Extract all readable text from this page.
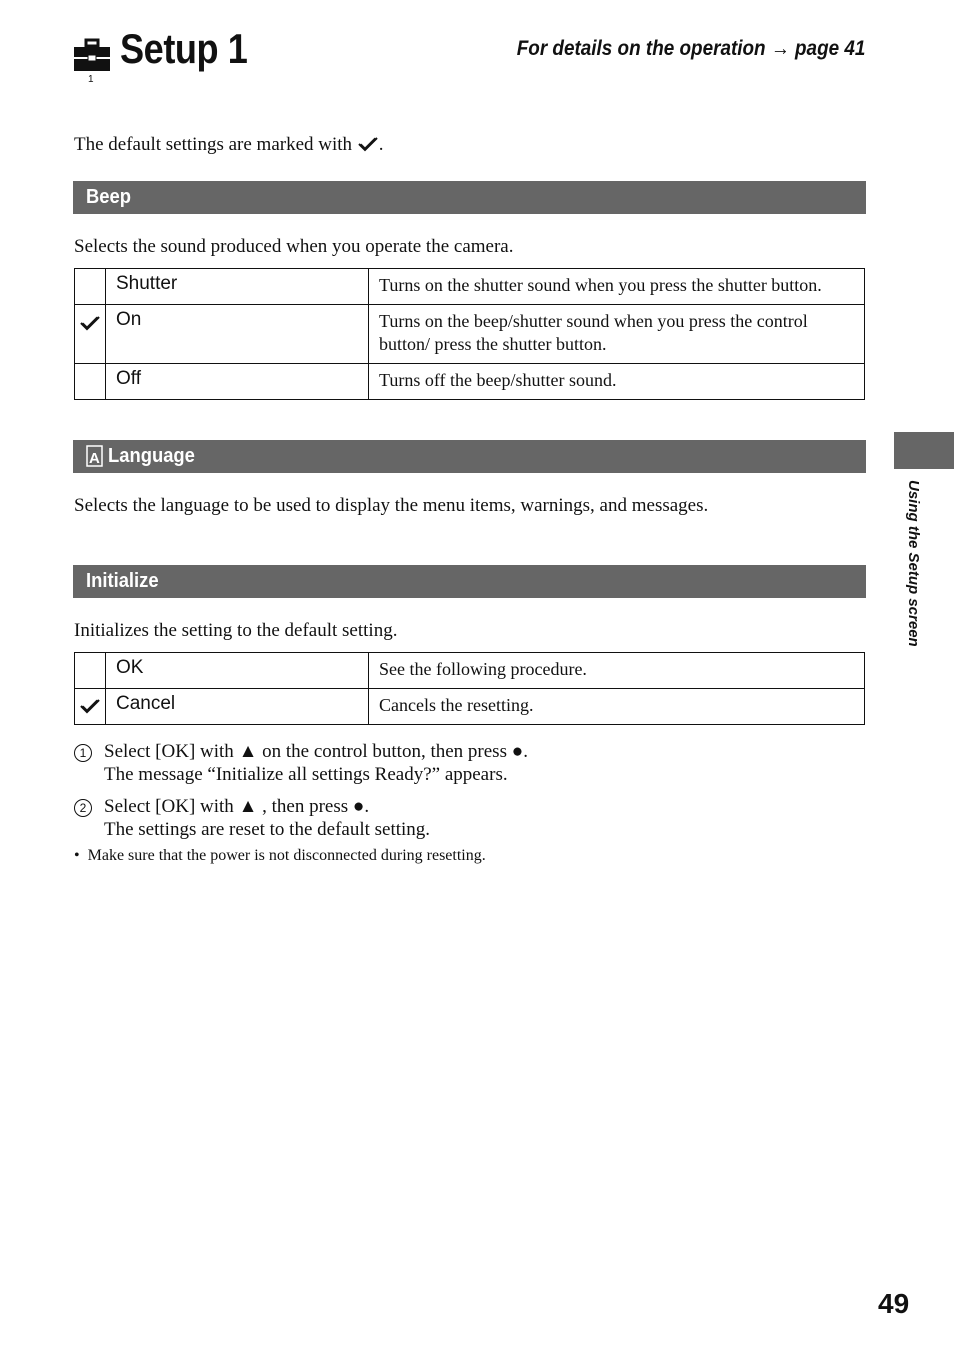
1
Setup 1	For details on the operation → page 41
The default settings are marked with .
Beep
Selects the sound produced when you operate the camera.
	Shutter	Turns on the shutter sound when you press the shutter button.
	On	Turns on the beep/shutter sound when you press the control button/ press the shutter button.
	Off	Turns off the beep/shutter sound.
A Language
Selects the language to be used to display the menu items, warnings, and messages.
Initialize
Initializes the setting to the default setting.
	OK	See the following procedure.
	Cancel	Cancels the resetting.
1 Select [OK] with ▲ on the control button, then press ●.
The message “Initialize all settings Ready?” appears.
2 Select [OK] with ▲ , then press ●.
The settings are reset to the default setting.
• Make sure that the power is not disconnected during resetting.
Using the Setup screen
49
